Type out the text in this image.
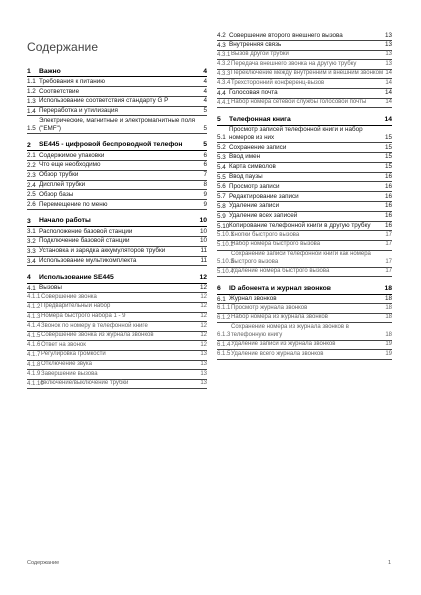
Содержание
1	Важно	4
1.1 Требования к питанию	4
1.2 Соответствие	4
1.3 Использование соответствия стандарту G P	4
1.4 Переработка и утилизация	5
1.5
Электрические, магнитные и электромагнитные поля ("EMF")	5
2	SE445 - цифровой беспроводной телефон	5
2.1 Содержимое упаковки	6
2.2 Что еще необходимо	6
2.3 Обзор трубки	7
2.4 Дисплей трубки	8
2.5 Обзор базы	9
2.6 Перемещение по меню	9
3	Начало работы	10
3.1 Расположение базовой станции	10
3.2 Подключение базовой станции	10
3.3 Установка и зарядка аккумуляторов трубки	11
3.4 Использование мультикомплекта	11
4	Использование SE445	12
4.1 Вызовы	12
4.1.1 Совершение звонка	12
4.1.2 Предварительный набор	12
4.1.3 Номера быстрого набора 1 - 9	12
4.1.4 Звонок по номеру в телефонной книге	12
4.1.5 Совершение звонка из журнала звонков	12
4.1.6 Ответ на звонок	12
4.1.7 Регулировка громкости	13
4.1.8 Отключение звука	13
4.1.9 Завершение вызова	13
4.1.10
Включение/выключение трубки	13
4.2 Совершение второго внешнего вызова	13
4.3 Внутренняя связь	13
4.3.1 Вызов другой трубки	13
4.3.2 Передача внешнего звонка на другую трубку	13
4.3.3 Переключение между внутренним и внешним звонком 14
4.3.4 Трехсторонний конференц-вызов	14
4.4 Голосовая почта	14
4.4.1 Набор номера сетевой службы голосовой почты	14
5	Телефонная книга	14
5.1
Просмотр записей телефонной книги и набор номеров из них	15
5.2 Сохранение записи	15
5.3 Ввод имен	15
5.4 Карта символов	15
5.5 Ввод паузы	16
5.6 Просмотр записи	16
5.7 Редактирование записи	16
5.8 Удаление записи	16
5.9 Удаление всех записей	16
5.10 Копирование телефонной книги в другую трубку	16
5.10.1
Кнопки быстрого вызова	17
5.10.2
Набор номера быстрого вызова	17
5.10.3
Сохранение записи телефонной книги как номера быстрого вызова	17
5.10.4
Удаление номера быстрого вызова	17
6	ID абонента и журнал звонков	18
6.1 Журнал звонков	18
6.1.1 Просмотр журнала звонков	18
6.1.2 Набор номера из журнала звонков	18
6.1.3
Сохранение номера из журнала звонков в телефонную книгу	18
6.1.4 Удаление записи из журнала звонков	19
6.1.5 Удаление всего журнала звонков	19
Содержание	1
